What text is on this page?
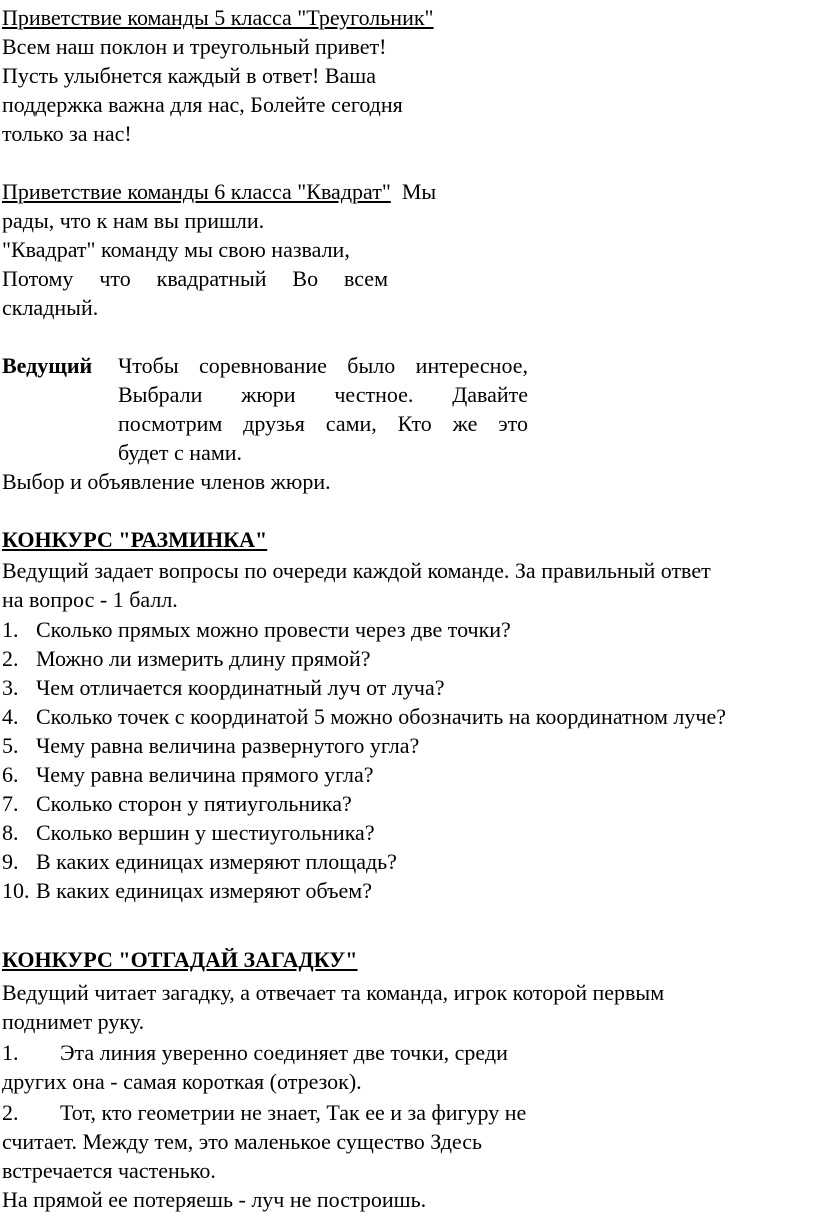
Приветствие команды 5 класса "Треугольник"
Всем наш поклон и треугольный привет!
Пусть улыбнется каждый в ответ! Ваша
поддержка важна для нас, Болейте сегодня
только за нас!
Приветствие команды 6 класса "Квадрат" Мы
рады, что к нам вы пришли.
"Квадрат" команду мы свою назвали,
Потому что квадратный Во всем
складный.
Ведущий Чтобы соревнование было интересное,
Выбрали жюри честное. Давайте
посмотрим друзья сами, Кто же это
будет с нами.
Выбор и объявление членов жюри.
КОНКУРС "РАЗМИНКА"
Ведущий задает вопросы по очереди каждой команде. За правильный ответ
на вопрос - 1 балл.
1. Сколько прямых можно провести через две точки?
2. Можно ли измерить длину прямой?
3. Чем отличается координатный луч от луча?
4. Сколько точек с координатой 5 можно обозначить на координатном луче?
5. Чему равна величина развернутого угла?
6. Чему равна величина прямого угла?
7. Сколько сторон у пятиугольника?
8. Сколько вершин у шестиугольника?
9. В каких единицах измеряют площадь?
10. В каких единицах измеряют объем?
КОНКУРС "ОТГАДАЙ ЗАГАДКУ"
Ведущий читает загадку, а отвечает та команда, игрок которой первым
поднимет руку.
1. Эта линия уверенно соединяет две точки, среди
других она - самая короткая (отрезок).
2. Тот, кто геометрии не знает, Так ее и за фигуру не
считает. Между тем, это маленькое существо Здесь
встречается частенько.
На прямой ее потеряешь - луч не построишь.
